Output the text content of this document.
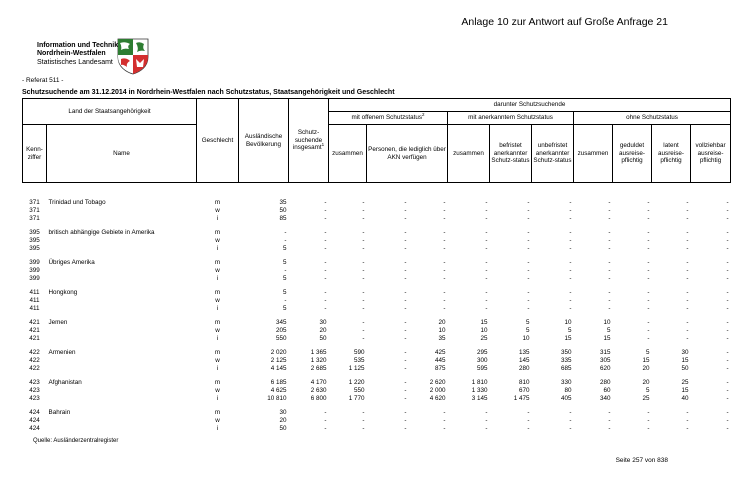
Anlage 10 zur Antwort auf Große Anfrage 21
Information und Technik
Nordrhein-Westfalen
Statistisches Landesamt
- Referat 511 -
Schutzsuchende am 31.12.2014 in Nordrhein-Westfalen nach Schutzstatus, Staatsangehörigkeit und Geschlecht
Land der Staatsangehörigkeit		Geschlecht	Ausländische Bevölkerung	Schutz-suchende insgesamt$^1$	darunter Schutzsuchende									
					mit offenem Schutzstatus$^2$			mit anerkanntem Schutzstatus			ohne Schutzstatus			
Kenn-ziffer	Name				zusammen	Personen, die lediglich über AKN verfügen		zusammen	befristet anerkannter Schutz-status	unbefristet anerkannter Schutz-status	zusammen	geduldet ausreise-pflichtig	latent ausreise-pflichtig	vollziehbar ausreise-pflichtig

371	Trinidad und Tobago	m	35	-	-	-	-	-	-	-	-	-	-	-
371		w	50	-	-	-	-	-	-	-	-	-	-	-
371		i	85	-	-	-	-	-	-	-	-	-	-	-

395	britisch abhängige Gebiete in Amerika	m	-	-	-	-	-	-	-	-	-	-	-	-
395		w	-	-	-	-	-	-	-	-	-	-	-	-
395		i	5	-	-	-	-	-	-	-	-	-	-	-

399	Übriges Amerika	m	5	-	-	-	-	-	-	-	-	-	-	-
399		w	-	-	-	-	-	-	-	-	-	-	-	-
399		i	5	-	-	-	-	-	-	-	-	-	-	-

411	Hongkong	m	5	-	-	-	-	-	-	-	-	-	-	-
411		w	-	-	-	-	-	-	-	-	-	-	-	-
411		i	5	-	-	-	-	-	-	-	-	-	-	-

421	Jemen	m	345	30	-	-	20	15	5	10	10	-	-	-
421		w	205	20	-	-	10	10	5	5	5	-	-	-
421		i	550	50	-	-	35	25	10	15	15	-	-	-

422	Armenien	m	2 020	1 365	590	-	425	295	135	350	315	5	30	-
422		w	2 125	1 320	535	-	445	300	145	335	305	15	15	-
422		i	4 145	2 685	1 125	-	875	595	280	685	620	20	50	-

423	Afghanistan	m	6 185	4 170	1 220	-	2 620	1 810	810	330	280	20	25	-
423		w	4 625	2 630	550	-	2 000	1 330	670	80	60	5	15	-
423		i	10 810	6 800	1 770	-	4 620	3 145	1 475	405	340	25	40	-

424	Bahrain	m	30	-	-	-	-	-	-	-	-	-	-	-
424		w	20	-	-	-	-	-	-	-	-	-	-	-
424		i	50	-	-	-	-	-	-	-	-	-	-	-
Quelle: Ausländerzentralregister
Seite 257 von 838
